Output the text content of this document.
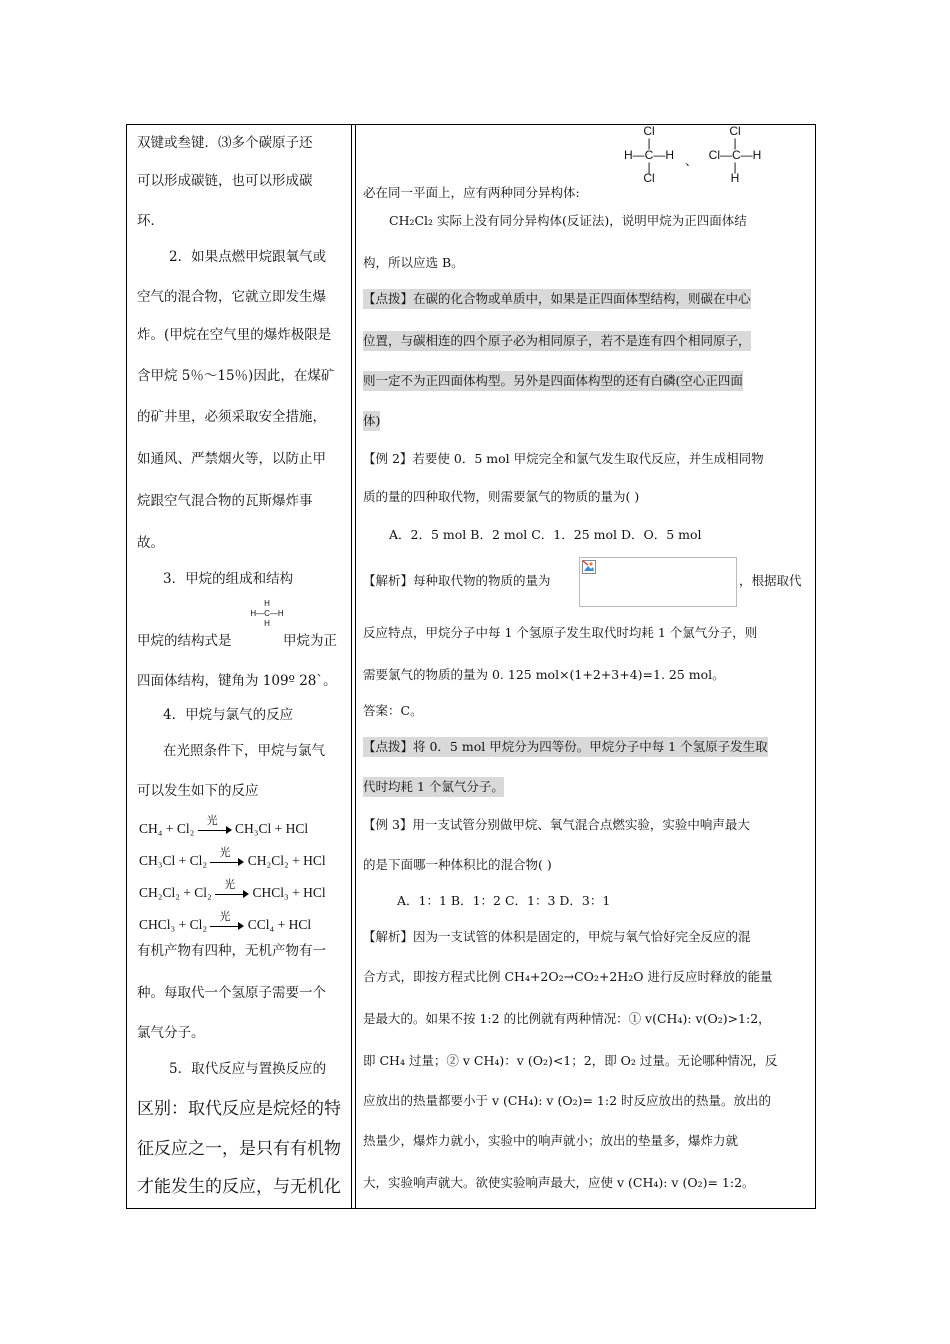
双键或叁键．⑶多个碳原子还
可以形成碳链，也可以形成碳
环．
2．如果点燃甲烷跟氧气或
空气的混合物，它就立即发生爆
炸。(甲烷在空气里的爆炸极限是
含甲烷 5％～15％)因此，在煤矿
的矿井里，必须采取安全措施，
如通风、严禁烟火等，以防止甲
烷跟空气混合物的瓦斯爆炸事
故。
3．甲烷的组成和结构
H
H—C—H
H
甲烷的结构式是	甲烷为正
四面体结构，键角为 109º 28`。
4．甲烷与氯气的反应
在光照条件下，甲烷与氯气
可以发生如下的反应
CH₄ + Cl₂
光
CH₃Cl + HCl
CH₃Cl + Cl₂
光
CH₂Cl₂ + HCl
CH₂Cl₂ + Cl₂
光
CHCl₃ + HCl
CHCl₃ + Cl₂
光
CCl₄ + HCl
有机产物有四种，无机产物有一
种。每取代一个氢原子需要一个
氯气分子。
5．取代反应与置换反应的
区别：取代反应是烷烃的特
征反应之一，是只有有机物
才能发生的反应，与无机化
Cl
|
H—C—H
|
Cl
、
Cl
|
Cl—C—H
|
H
必在同一平面上，应有两种同分异构体:
CH₂Cl₂ 实际上没有同分异构体(反证法)，说明甲烷为正四面体结
构，所以应选 B。
【点拨】在碳的化合物或单质中，如果是正四面体型结构，则碳在中心
位置，与碳相连的四个原子必为相同原子，若不是连有四个相同原子，
则一定不为正四面体构型。另外是四面体构型的还有白磷(空心正四面
体)
【例 2】若要使 0．5 mol 甲烷完全和氯气发生取代反应，并生成相同物
质的量的四种取代物，则需要氯气的物质的量为( )
A．2．5 mol B．2 mol C．1．25 mol D．O．5 mol
【解析】每种取代物的物质的量为	，根据取代
反应特点，甲烷分子中每 1 个氢原子发生取代时均耗 1 个氯气分子，则
需要氯气的物质的量为 0. 125 mol×(1+2+3+4)=1. 25 mol。
答案：C。
【点拨】将 0．5 mol 甲烷分为四等份。甲烷分子中每 1 个氢原子发生取
代时均耗 1 个氯气分子。
【例 3】用一支试管分别做甲烷、氧气混合点燃实验，实验中响声最大
的是下面哪一种体积比的混合物( )
A．1：1 B．1：2 C．1：3 D．3：1
【解析】因为一支试管的体积是固定的，甲烷与氧气恰好完全反应的混
合方式，即按方程式比例 CH₄+2O₂→CO₂+2H₂O 进行反应时释放的能量
是最大的。如果不按 1:2 的比例就有两种情况：① v(CH₄): v(O₂)>1:2，
即 CH₄ 过量；② v CH₄)：v (O₂)<1；2，即 O₂ 过量。无论哪种情况，反
应放出的热量都要小于 v (CH₄): v (O₂)= 1:2 时反应放出的热量。放出的
热量少，爆炸力就小，实验中的响声就小；放出的垫量多，爆炸力就
大，实验响声就大。欲使实验响声最大，应使 v (CH₄): v (O₂)= 1:2。
